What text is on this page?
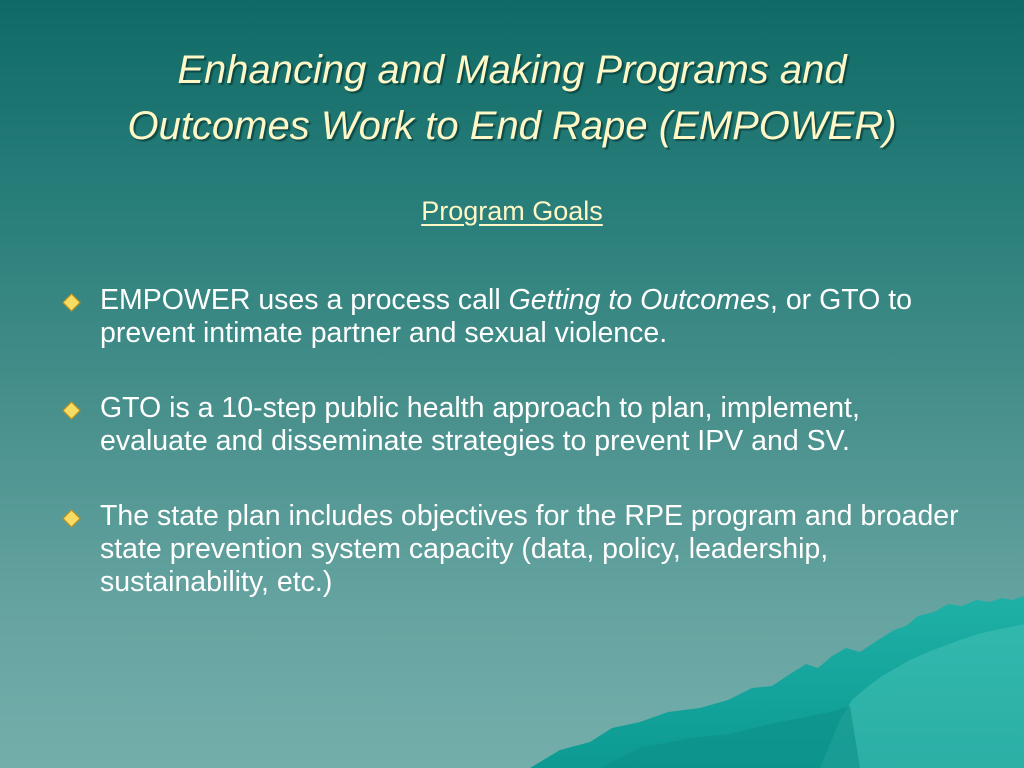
Enhancing and Making Programs and
Outcomes Work to End Rape (EMPOWER)
Program Goals
EMPOWER uses a process call Getting to Outcomes, or GTO to prevent intimate partner and sexual violence.
GTO is a 10-step public health approach to plan, implement, evaluate and disseminate strategies to prevent IPV and SV.
The state plan includes objectives for the RPE program and broader state prevention system capacity (data, policy, leadership, sustainability, etc.)
